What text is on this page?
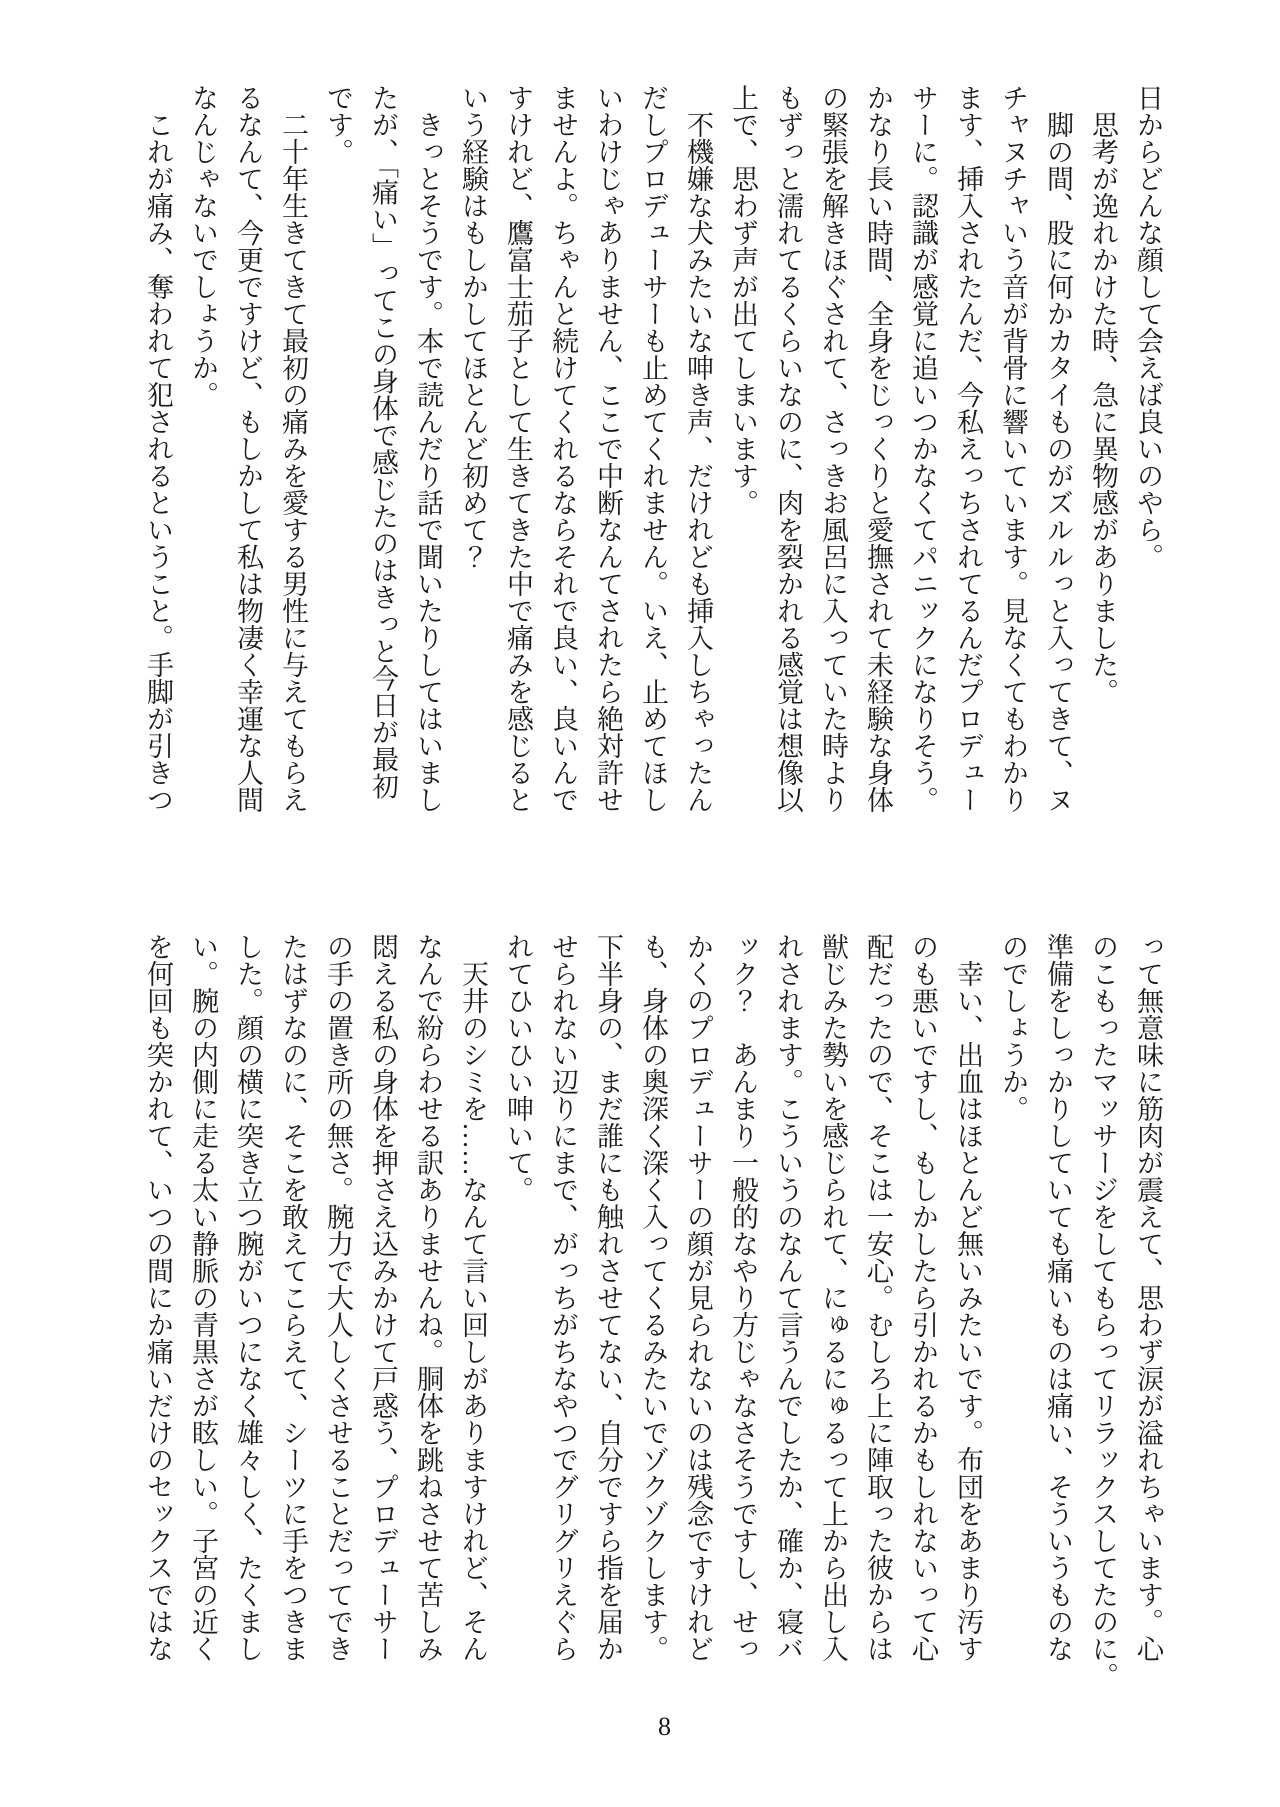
日からどんな顔して会えば良いのやら。
　思考が逸れかけた時、急に異物感がありました。
　脚の間、股に何かカタイものがズルルっと入ってきて、ヌ
チャヌチャいう音が背骨に響いています。見なくてもわかり
ます、挿入されたんだ、今私えっちされてるんだプロデュー
サーに。認識が感覚に追いつかなくてパニックになりそう。
かなり長い時間、全身をじっくりと愛撫されて未経験な身体
の緊張を解きほぐされて、さっきお風呂に入っていた時より
もずっと濡れてるくらいなのに、肉を裂かれる感覚は想像以
上で、思わず声が出てしまいます。
　不機嫌な犬みたいな呻き声、だけれども挿入しちゃったん
だしプロデューサーも止めてくれません。いえ、止めてほし
いわけじゃありません、ここで中断なんてされたら絶対許せ
ませんよ。ちゃんと続けてくれるならそれで良い、良いんで
すけれど、鷹富士茄子として生きてきた中で痛みを感じると
いう経験はもしかしてほとんど初めて？
　きっとそうです。本で読んだり話で聞いたりしてはいまし
たが、「痛い」ってこの身体で感じたのはきっと今日が最初
です。
　二十年生きてきて最初の痛みを愛する男性に与えてもらえ
るなんて、今更ですけど、もしかして私は物凄く幸運な人間
なんじゃないでしょうか。
　これが痛み、奪われて犯されるということ。手脚が引きつ
って無意味に筋肉が震えて、思わず涙が溢れちゃいます。心
のこもったマッサージをしてもらってリラックスしてたのに。
準備をしっかりしていても痛いものは痛い、そういうものな
のでしょうか。
　幸い、出血はほとんど無いみたいです。布団をあまり汚す
のも悪いですし、もしかしたら引かれるかもしれないって心
配だったので、そこは一安心。むしろ上に陣取った彼からは
獣じみた勢いを感じられて、にゅるにゅるって上から出し入
れされます。こういうのなんて言うんでしたか、確か、寝バ
ック？　あんまり一般的なやり方じゃなさそうですし、せっ
かくのプロデューサーの顔が見られないのは残念ですけれど
も、身体の奥深く深く入ってくるみたいでゾクゾクします。
下半身の、まだ誰にも触れさせてない、自分ですら指を届か
せられない辺りにまで、がっちがちなやつでグリグリえぐら
れてひいひい呻いて。
　天井のシミを……なんて言い回しがありますけれど、そん
なんで紛らわせる訳ありませんね。胴体を跳ねさせて苦しみ
悶える私の身体を押さえ込みかけて戸惑う、プロデューサー
の手の置き所の無さ。腕力で大人しくさせることだってでき
たはずなのに、そこを敢えてこらえて、シーツに手をつきま
した。顔の横に突き立つ腕がいつになく雄々しく、たくまし
い。腕の内側に走る太い静脈の青黒さが眩しい。子宮の近く
を何回も突かれて、いつの間にか痛いだけのセックスではな
8
